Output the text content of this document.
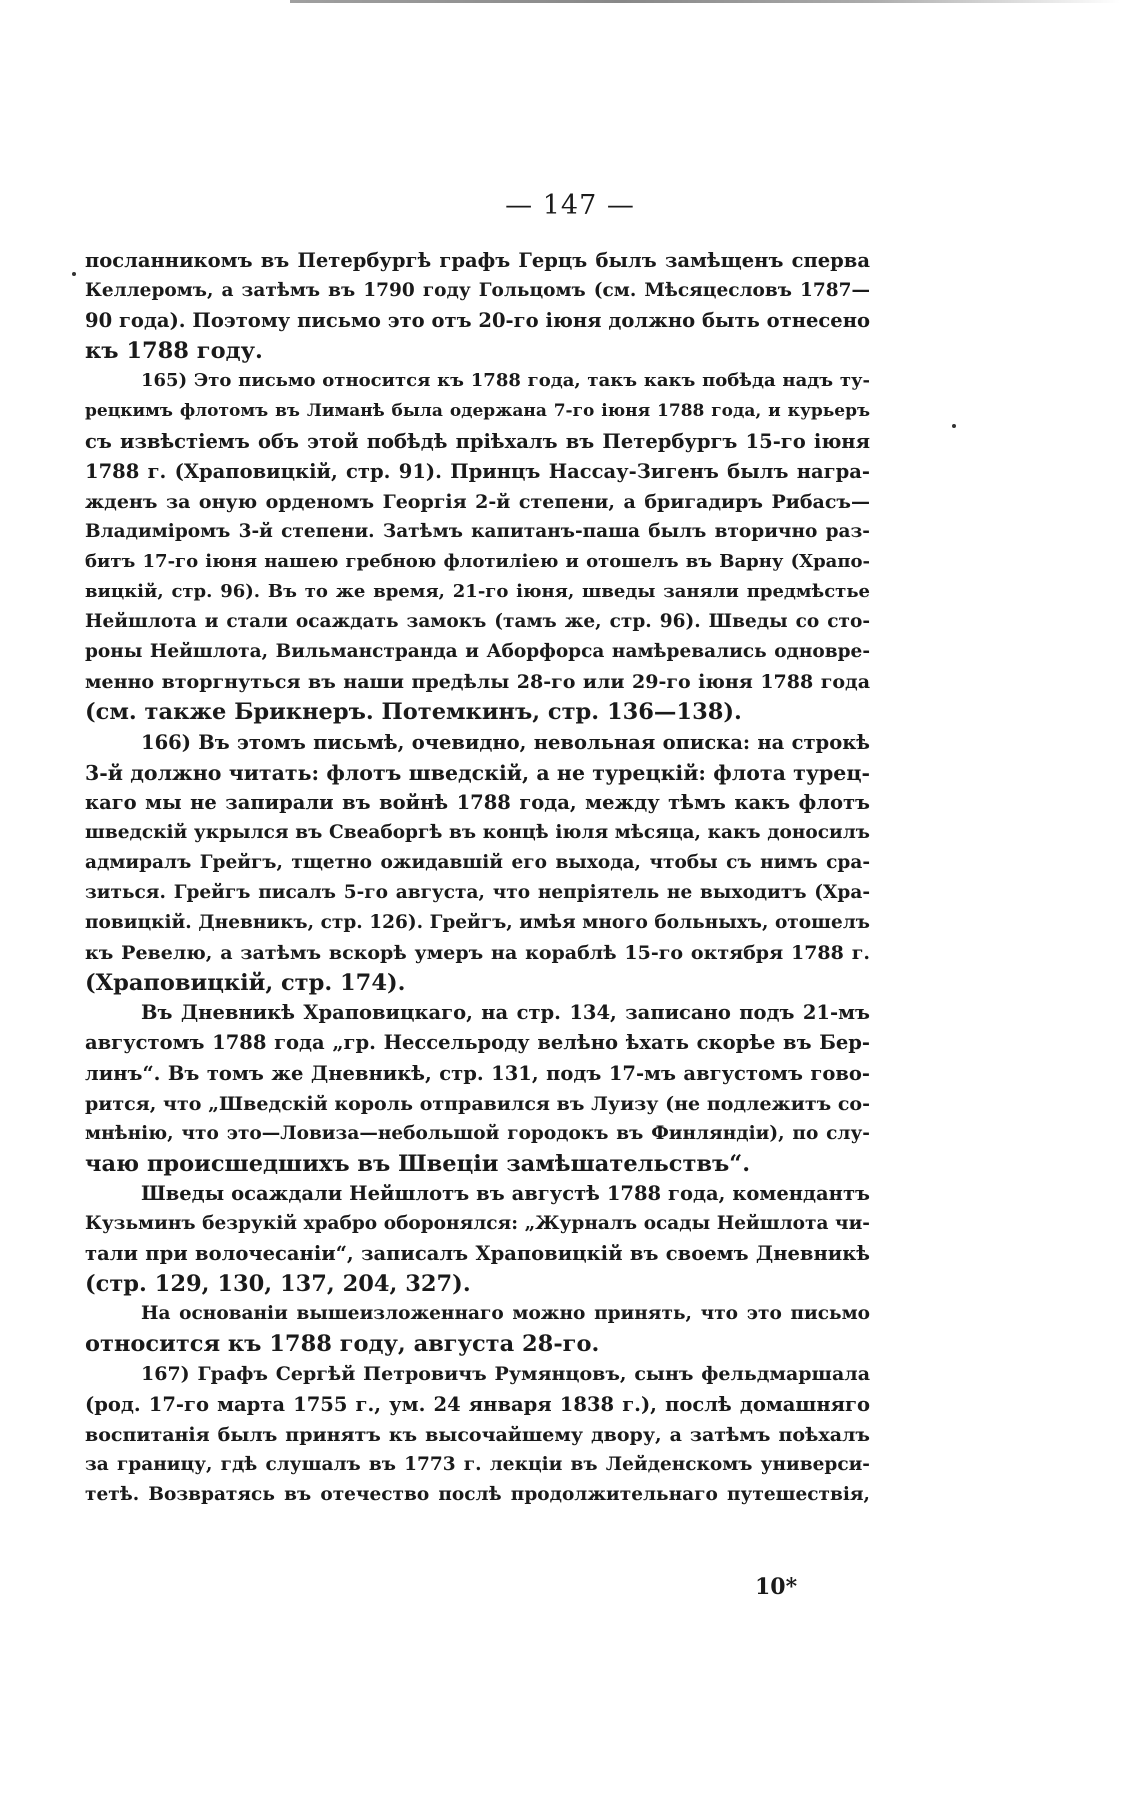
— 147 —
посланникомъ въ Петербургѣ графъ Герцъ былъ замѣщенъ сперва
Келлеромъ, а затѣмъ въ 1790 году Гольцомъ (см. Мѣсяцесловъ 1787—
90 года). Поэтому письмо это отъ 20-го іюня должно быть отнесено
къ 1788 году.
165) Это письмо относится къ 1788 года, такъ какъ побѣда надъ ту-
рецкимъ флотомъ въ Лиманѣ была одержана 7-го іюня 1788 года, и курьеръ
съ извѣстіемъ объ этой побѣдѣ пріѣхалъ въ Петербургъ 15-го іюня
1788 г. (Храповицкій, стр. 91). Принцъ Нассау-Зигенъ былъ награ-
жденъ за оную орденомъ Георгія 2-й степени, а бригадиръ Рибасъ—
Владиміромъ 3-й степени. Затѣмъ капитанъ-паша былъ вторично раз-
битъ 17-го іюня нашею гребною флотиліею и отошелъ въ Варну (Храпо-
вицкій, стр. 96). Въ то же время, 21-го іюня, шведы заняли предмѣстье
Нейшлота и стали осаждать замокъ (тамъ же, стр. 96). Шведы со сто-
роны Нейшлота, Вильманстранда и Аборфорса намѣревались одновре-
менно вторгнуться въ наши предѣлы 28-го или 29-го іюня 1788 года
(см. также Брикнеръ. Потемкинъ, стр. 136—138).
166) Въ этомъ письмѣ, очевидно, невольная описка: на строкѣ
3-й должно читать: флотъ шведскій, а не турецкій: флота турец-
каго мы не запирали въ войнѣ 1788 года, между тѣмъ какъ флотъ
шведскій укрылся въ Свеаборгѣ въ концѣ іюля мѣсяца, какъ доносилъ
адмиралъ Грейгъ, тщетно ожидавшій его выхода, чтобы съ нимъ сра-
зиться. Грейгъ писалъ 5-го августа, что непріятель не выходитъ (Хра-
повицкій. Дневникъ, стр. 126). Грейгъ, имѣя много больныхъ, отошелъ
къ Ревелю, а затѣмъ вскорѣ умеръ на кораблѣ 15-го октября 1788 г.
(Храповицкій, стр. 174).
Въ Дневникѣ Храповицкаго, на стр. 134, записано подъ 21-мъ
августомъ 1788 года „гр. Нессельроду велѣно ѣхать скорѣе въ Бер-
линъ“. Въ томъ же Дневникѣ, стр. 131, подъ 17-мъ августомъ гово-
рится, что „Шведскій король отправился въ Луизу (не подлежитъ со-
мнѣнію, что это—Ловиза—небольшой городокъ въ Финляндіи), по слу-
чаю происшедшихъ въ Швеціи замѣшательствъ“.
Шведы осаждали Нейшлотъ въ августѣ 1788 года, комендантъ
Кузьминъ безрукій храбро оборонялся: „Журналъ осады Нейшлота чи-
тали при волочесаніи“, записалъ Храповицкій въ своемъ Дневникѣ
(стр. 129, 130, 137, 204, 327).
На основаніи вышеизложеннаго можно принять, что это письмо
относится къ 1788 году, августа 28-го.
167) Графъ Сергѣй Петровичъ Румянцовъ, сынъ фельдмаршала
(род. 17-го марта 1755 г., ум. 24 января 1838 г.), послѣ домашняго
воспитанія былъ принятъ къ высочайшему двору, а затѣмъ поѣхалъ
за границу, гдѣ слушалъ въ 1773 г. лекціи въ Лейденскомъ универси-
тетѣ. Возвратясь въ отечество послѣ продолжительнаго путешествія,
10*
